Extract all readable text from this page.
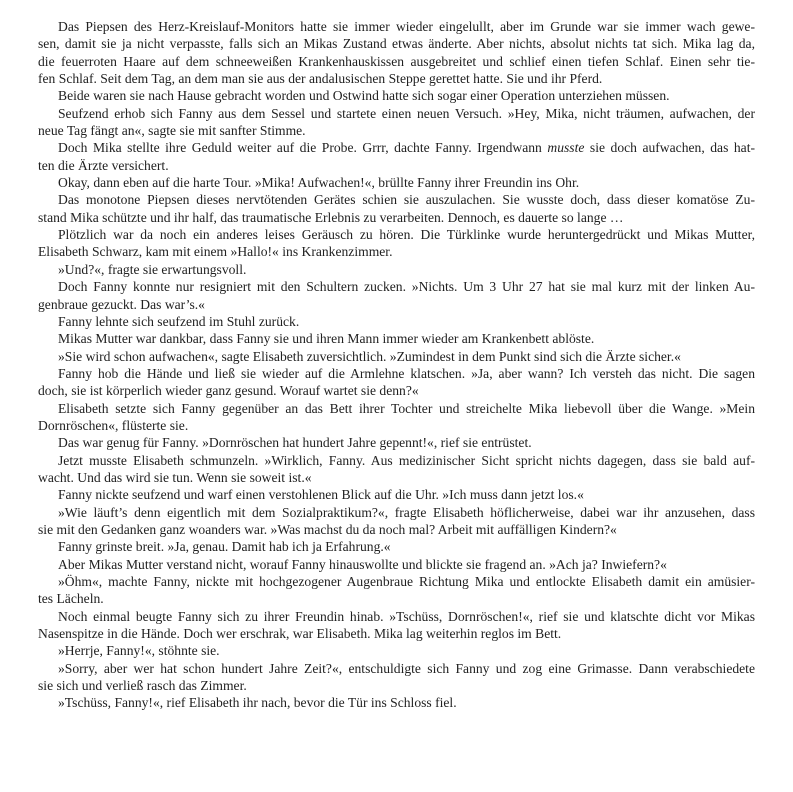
Das Piepsen des Herz-Kreislauf-Monitors hatte sie immer wieder eingelullt, aber im Grunde war sie immer wach gewe-
sen, damit sie ja nicht verpasste, falls sich an Mikas Zustand etwas änderte. Aber nichts, absolut nichts tat sich. Mika lag da,
die feuerroten Haare auf dem schneeweißen Krankenhauskissen ausgebreitet und schlief einen tiefen Schlaf. Einen sehr tie-
fen Schlaf. Seit dem Tag, an dem man sie aus der andalusischen Steppe gerettet hatte. Sie und ihr Pferd.
Beide waren sie nach Hause gebracht worden und Ostwind hatte sich sogar einer Operation unterziehen müssen.
Seufzend erhob sich Fanny aus dem Sessel und startete einen neuen Versuch. »Hey, Mika, nicht träumen, aufwachen, der
neue Tag fängt an«, sagte sie mit sanfter Stimme.
Doch Mika stellte ihre Geduld weiter auf die Probe. Grrr, dachte Fanny. Irgendwann musste sie doch aufwachen, das hat-
ten die Ärzte versichert.
Okay, dann eben auf die harte Tour. »Mika! Aufwachen!«, brüllte Fanny ihrer Freundin ins Ohr.
Das monotone Piepsen dieses nervtötenden Gerätes schien sie auszulachen. Sie wusste doch, dass dieser komatöse Zu-
stand Mika schützte und ihr half, das traumatische Erlebnis zu verarbeiten. Dennoch, es dauerte so lange …
Plötzlich war da noch ein anderes leises Geräusch zu hören. Die Türklinke wurde heruntergedrückt und Mikas Mutter,
Elisabeth Schwarz, kam mit einem »Hallo!« ins Krankenzimmer.
»Und?«, fragte sie erwartungsvoll.
Doch Fanny konnte nur resigniert mit den Schultern zucken. »Nichts. Um 3 Uhr 27 hat sie mal kurz mit der linken Au-
genbraue gezuckt. Das war’s.«
Fanny lehnte sich seufzend im Stuhl zurück.
Mikas Mutter war dankbar, dass Fanny sie und ihren Mann immer wieder am Krankenbett ablöste.
»Sie wird schon aufwachen«, sagte Elisabeth zuversichtlich. »Zumindest in dem Punkt sind sich die Ärzte sicher.«
Fanny hob die Hände und ließ sie wieder auf die Armlehne klatschen. »Ja, aber wann? Ich versteh das nicht. Die sagen
doch, sie ist körperlich wieder ganz gesund. Worauf wartet sie denn?«
Elisabeth setzte sich Fanny gegenüber an das Bett ihrer Tochter und streichelte Mika liebevoll über die Wange. »Mein
Dornröschen«, flüsterte sie.
Das war genug für Fanny. »Dornröschen hat hundert Jahre gepennt!«, rief sie entrüstet.
Jetzt musste Elisabeth schmunzeln. »Wirklich, Fanny. Aus medizinischer Sicht spricht nichts dagegen, dass sie bald auf-
wacht. Und das wird sie tun. Wenn sie soweit ist.«
Fanny nickte seufzend und warf einen verstohlenen Blick auf die Uhr. »Ich muss dann jetzt los.«
»Wie läuft’s denn eigentlich mit dem Sozialpraktikum?«, fragte Elisabeth höflicherweise, dabei war ihr anzusehen, dass
sie mit den Gedanken ganz woanders war. »Was machst du da noch mal? Arbeit mit auffälligen Kindern?«
Fanny grinste breit. »Ja, genau. Damit hab ich ja Erfahrung.«
Aber Mikas Mutter verstand nicht, worauf Fanny hinauswollte und blickte sie fragend an. »Ach ja? Inwiefern?«
»Öhm«, machte Fanny, nickte mit hochgezogener Augenbraue Richtung Mika und entlockte Elisabeth damit ein amüsier-
tes Lächeln.
Noch einmal beugte Fanny sich zu ihrer Freundin hinab. »Tschüss, Dornröschen!«, rief sie und klatschte dicht vor Mikas
Nasenspitze in die Hände. Doch wer erschrak, war Elisabeth. Mika lag weiterhin reglos im Bett.
»Herrje, Fanny!«, stöhnte sie.
»Sorry, aber wer hat schon hundert Jahre Zeit?«, entschuldigte sich Fanny und zog eine Grimasse. Dann verabschiedete
sie sich und verließ rasch das Zimmer.
»Tschüss, Fanny!«, rief Elisabeth ihr nach, bevor die Tür ins Schloss fiel.
